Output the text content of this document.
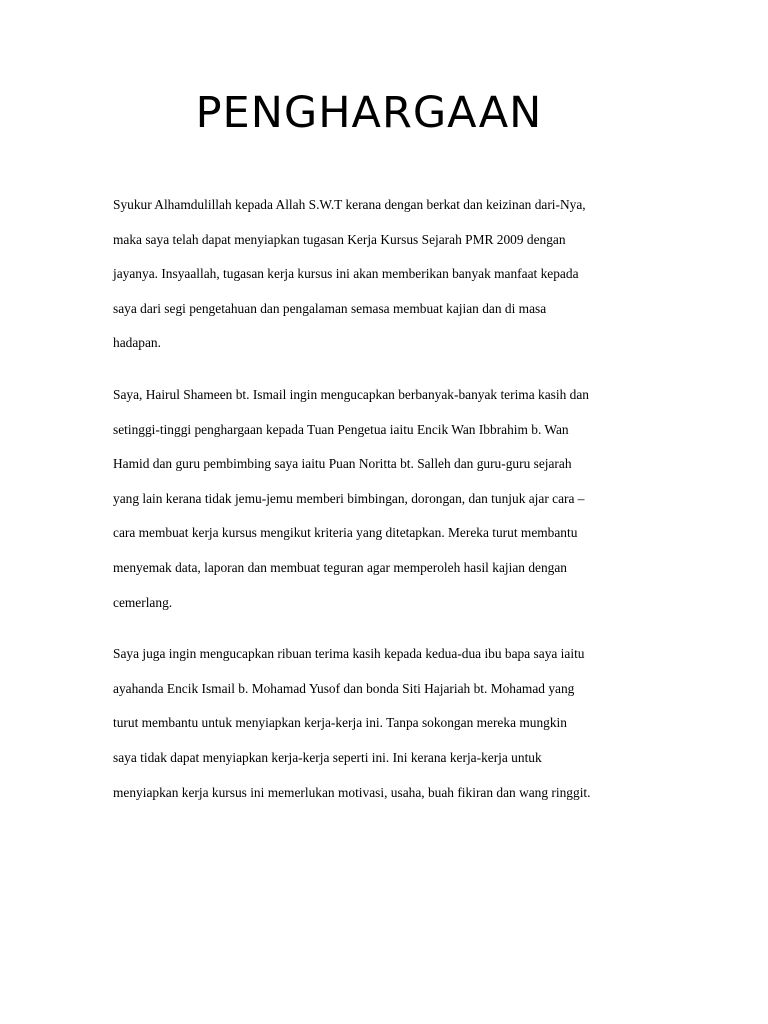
PENGHARGAAN

Syukur Alhamdulillah kepada Allah S.W.T kerana dengan berkat dan keizinan dari-Nya,
maka saya telah dapat menyiapkan tugasan Kerja Kursus Sejarah PMR 2009 dengan
jayanya. Insyaallah, tugasan kerja kursus ini akan memberikan banyak manfaat kepada
saya dari segi pengetahuan dan pengalaman semasa membuat kajian dan di masa
hadapan.

Saya, Hairul Shameen bt. Ismail ingin mengucapkan berbanyak-banyak terima kasih dan
setinggi-tinggi penghargaan kepada Tuan Pengetua iaitu Encik Wan Ibbrahim b. Wan
Hamid dan guru pembimbing saya iaitu Puan Noritta bt. Salleh dan guru-guru sejarah
yang lain kerana tidak jemu-jemu memberi bimbingan, dorongan, dan tunjuk ajar cara –
cara membuat kerja kursus mengikut kriteria yang ditetapkan. Mereka turut membantu
menyemak data, laporan dan membuat teguran agar memperoleh hasil kajian dengan
cemerlang.

Saya juga ingin mengucapkan ribuan terima kasih kepada kedua-dua ibu bapa saya iaitu
ayahanda Encik Ismail b. Mohamad Yusof dan bonda Siti Hajariah bt. Mohamad yang
turut membantu untuk menyiapkan kerja-kerja ini. Tanpa sokongan mereka mungkin
saya tidak dapat menyiapkan kerja-kerja seperti ini. Ini kerana kerja-kerja untuk
menyiapkan kerja kursus ini memerlukan motivasi, usaha, buah fikiran dan wang ringgit.
